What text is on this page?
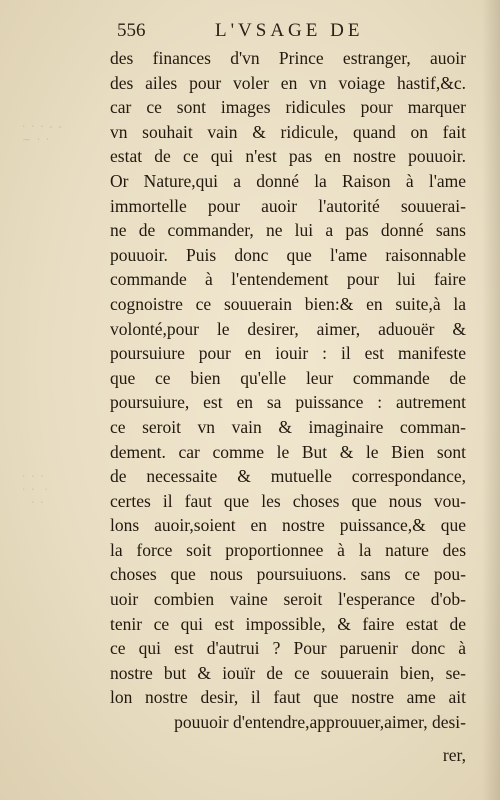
· · · - -
~ · ·
· · ·
· ·  ·
· ·
556	L'VSAGE DE
des finances d'vn Prince estranger, auoir
des ailes pour voler en vn voiage hastif,&c.
car ce sont images ridicules pour marquer
vn souhait vain & ridicule, quand on fait
estat de ce qui n'est pas en nostre pouuoir.
Or Nature,qui a donné la Raison à l'ame
immortelle pour auoir l'autorité souuerai-
ne de commander, ne lui a pas donné sans
pouuoir. Puis donc que l'ame raisonnable
commande à l'entendement pour lui faire
cognoistre ce souuerain bien:& en suite,à la
volonté,pour le desirer, aimer, aduouër &
poursuiure pour en iouir : il est manifeste
que ce bien qu'elle leur commande de
poursuiure, est en sa puissance : autrement
ce seroit vn vain & imaginaire comman-
dement. car comme le But & le Bien sont
de necessaite & mutuelle correspondance,
certes il faut que les choses que nous vou-
lons auoir,soient en nostre puissance,& que
la force soit proportionnee à la nature des
choses que nous poursuiuons. sans ce pou-
uoir combien vaine seroit l'esperance d'ob-
tenir ce qui est impossible, & faire estat de
ce qui est d'autrui ? Pour paruenir donc à
nostre but & iouïr de ce souuerain bien, se-
lon nostre desir, il faut que nostre ame ait
pouuoir d'entendre,approuuer,aimer, desi-
rer,
